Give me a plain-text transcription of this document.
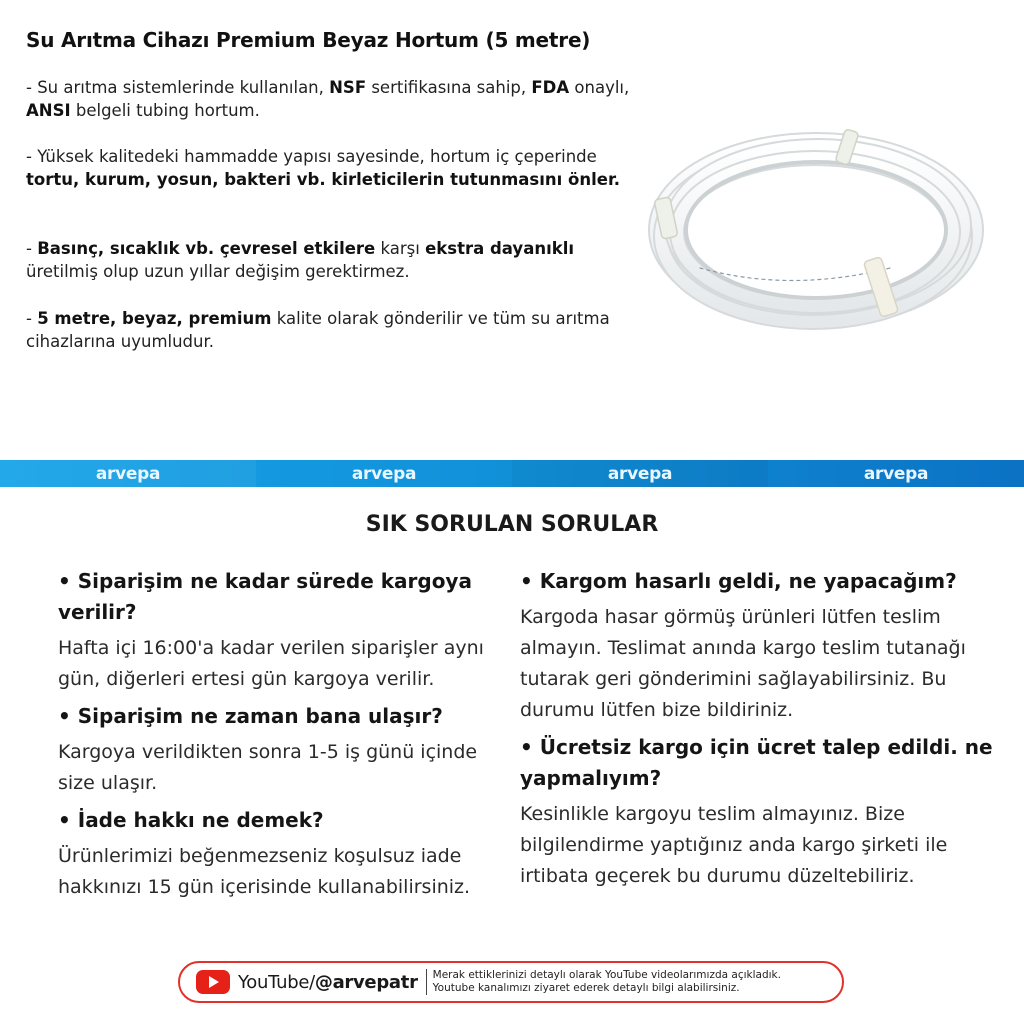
Su Arıtma Cihazı Premium Beyaz Hortum (5 metre)
- Su arıtma sistemlerinde kullanılan, NSF sertifikasına sahip, FDA onaylı, ANSI belgeli tubing hortum.
- Yüksek kalitedeki hammadde yapısı sayesinde, hortum iç çeperinde tortu, kurum, yosun, bakteri vb. kirleticilerin tutunmasını önler.
- Basınç, sıcaklık vb. çevresel etkilere karşı ekstra dayanıklı üretilmiş olup uzun yıllar değişim gerektirmez.
- 5 metre, beyaz, premium kalite olarak gönderilir ve tüm su arıtma cihazlarına uyumludur.
arvepa	arvepa	arvepa	arvepa
SIK SORULAN SORULAR

• Siparişim ne kadar sürede kargoya verilir?

Hafta içi 16:00'a kadar verilen siparişler aynı gün, diğerleri ertesi gün kargoya verilir.

• Siparişim ne zaman bana ulaşır?

Kargoya verildikten sonra 1-5 iş günü içinde size ulaşır.

• İade hakkı ne demek?

Ürünlerimizi beğenmezseniz koşulsuz iade hakkınızı 15 gün içerisinde kullanabilirsiniz.

• Kargom hasarlı geldi, ne yapacağım?

Kargoda hasar görmüş ürünleri lütfen teslim almayın. Teslimat anında kargo teslim tutanağı tutarak geri gönderimini sağlayabilirsiniz. Bu durumu lütfen bize bildiriniz.

• Ücretsiz kargo için ücret talep edildi. ne yapmalıyım?

Kesinlikle kargoyu teslim almayınız. Bize bilgilendirme yaptığınız anda kargo şirketi ile irtibata geçerek bu durumu düzeltebiliriz.

YouTube/@arvepatr Merak ettiklerinizi detaylı olarak YouTube videolarımızda açıkladık.
Youtube kanalımızı ziyaret ederek detaylı bilgi alabilirsiniz.
